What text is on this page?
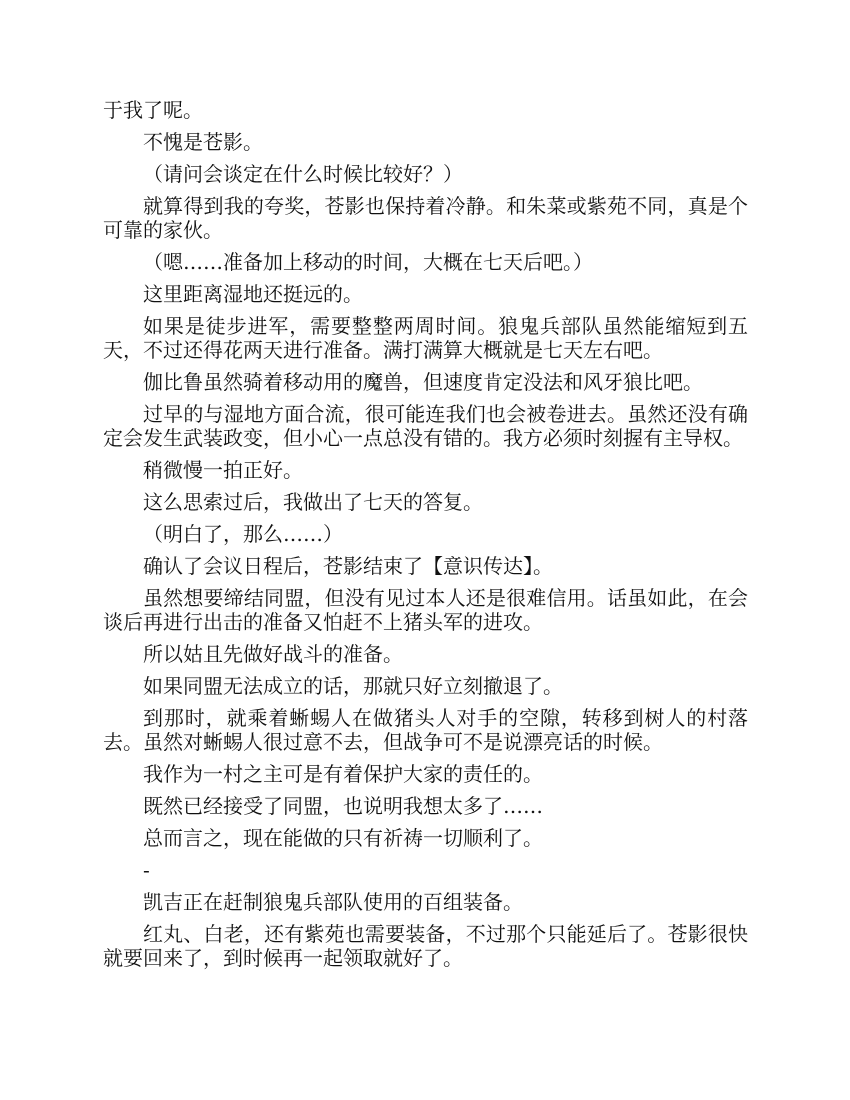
于我了呢。

不愧是苍影。

（请问会谈定在什么时候比较好？）

就算得到我的夸奖，苍影也保持着冷静。和朱菜或紫苑不同，真是个可靠的家伙。

（嗯……准备加上移动的时间，大概在七天后吧。）

这里距离湿地还挺远的。

如果是徒步进军，需要整整两周时间。狼鬼兵部队虽然能缩短到五天，不过还得花两天进行准备。满打满算大概就是七天左右吧。

伽比鲁虽然骑着移动用的魔兽，但速度肯定没法和风牙狼比吧。

过早的与湿地方面合流，很可能连我们也会被卷进去。虽然还没有确定会发生武装政变，但小心一点总没有错的。我方必须时刻握有主导权。

稍微慢一拍正好。

这么思索过后，我做出了七天的答复。

（明白了，那么……）

确认了会议日程后，苍影结束了【意识传达】。

虽然想要缔结同盟，但没有见过本人还是很难信用。话虽如此，在会谈后再进行出击的准备又怕赶不上猪头军的进攻。

所以姑且先做好战斗的准备。

如果同盟无法成立的话，那就只好立刻撤退了。

到那时，就乘着蜥蜴人在做猪头人对手的空隙，转移到树人的村落去。虽然对蜥蜴人很过意不去，但战争可不是说漂亮话的时候。

我作为一村之主可是有着保护大家的责任的。

既然已经接受了同盟，也说明我想太多了……

总而言之，现在能做的只有祈祷一切顺利了。

-

凯吉正在赶制狼鬼兵部队使用的百组装备。

红丸、白老，还有紫苑也需要装备，不过那个只能延后了。苍影很快就要回来了，到时候再一起领取就好了。
